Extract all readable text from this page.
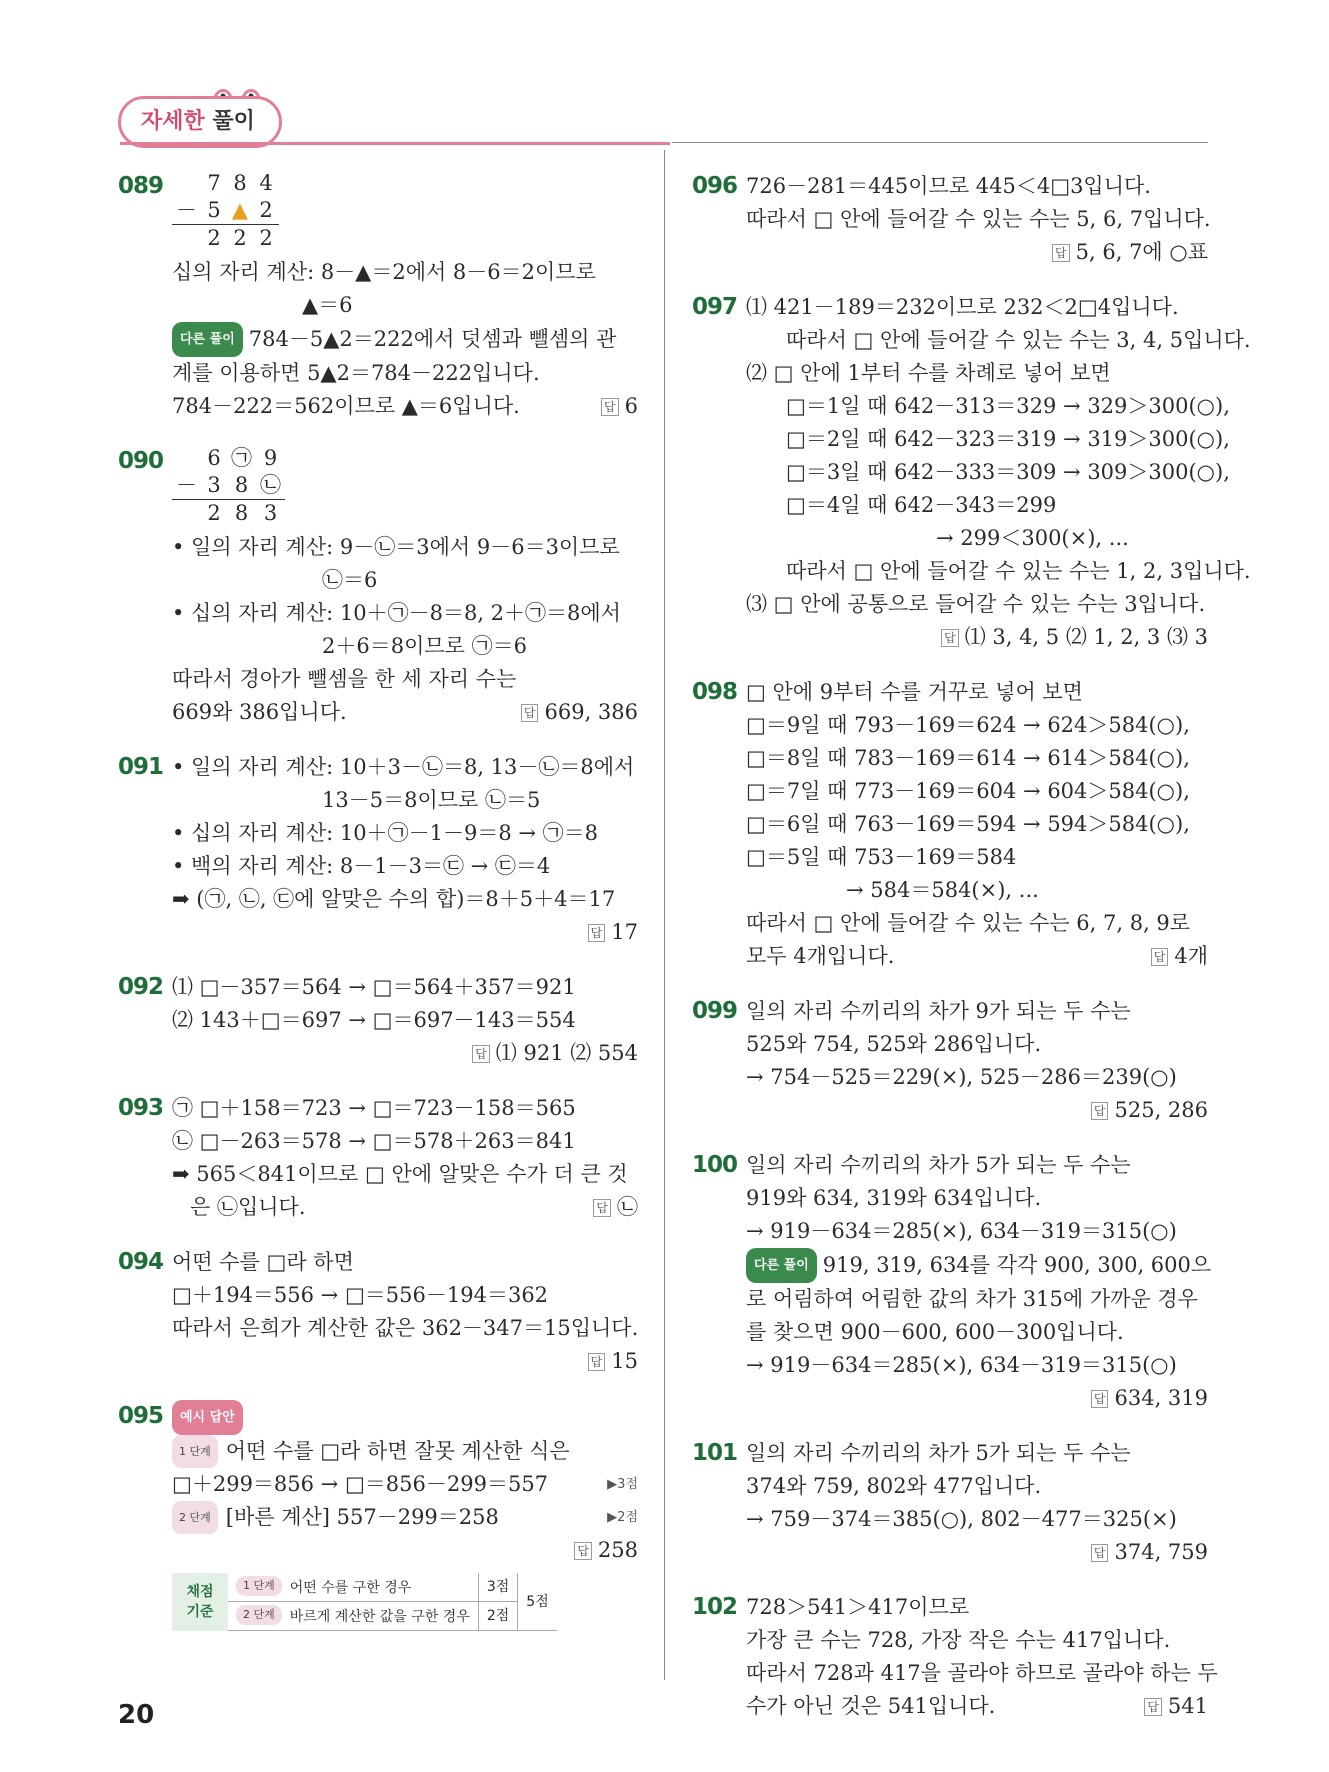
자세한 풀이
089
	7	8	4
－	5	▲	2
	2	2	2
십의 자리 계산: 8－▲＝2에서 8－6＝2이므로
▲＝6
다른 풀이 784－5▲2＝222에서 덧셈과 뺄셈의 관
계를 이용하면 5▲2＝784－222입니다.
784－222＝562이므로 ▲＝6입니다.	답 6
090
	6	㉠	9
－	3	8	㉡
	2	8	3
• 일의 자리 계산: 9－㉡＝3에서 9－6＝3이므로
㉡＝6
• 십의 자리 계산: 10＋㉠－8＝8, 2＋㉠＝8에서
2＋6＝8이므로 ㉠＝6
따라서 경아가 뺄셈을 한 세 자리 수는
669와 386입니다.	답 669, 386
091 • 일의 자리 계산: 10＋3－㉡＝8, 13－㉡＝8에서
13－5＝8이므로 ㉡＝5
• 십의 자리 계산: 10＋㉠－1－9＝8 → ㉠＝8
• 백의 자리 계산: 8－1－3＝㉢ → ㉢＝4
➡ (㉠, ㉡, ㉢에 알맞은 수의 합)＝8＋5＋4＝17
답 17
092 ⑴ □－357＝564 → □＝564＋357＝921
⑵ 143＋□＝697 → □＝697－143＝554
답 ⑴ 921 ⑵ 554
093 ㉠ □＋158＝723 → □＝723－158＝565
㉡ □－263＝578 → □＝578＋263＝841
➡ 565＜841이므로 □ 안에 알맞은 수가 더 큰 것
은 ㉡입니다.	답 ㉡
094 어떤 수를 □라 하면
□＋194＝556 → □＝556－194＝362
따라서 은희가 계산한 값은 362－347＝15입니다.
답 15
095	예시 답안
1 단계 어떤 수를 □라 하면 잘못 계산한 식은
□＋299＝856 → □＝856－299＝557	▶3점
2 단계 [바른 계산] 557－299＝258	▶2점
답 258
채점 기준	1 단계 어떤 수를 구한 경우	3점	5점
	2 단계 바르게 계산한 값을 구한 경우	2점	
096 726－281＝445이므로 445＜4□3입니다.
따라서 □ 안에 들어갈 수 있는 수는 5, 6, 7입니다.
답 5, 6, 7에 ○표
097 ⑴ 421－189＝232이므로 232＜2□4입니다.
따라서 □ 안에 들어갈 수 있는 수는 3, 4, 5입니다.
⑵ □ 안에 1부터 수를 차례로 넣어 보면
□＝1일 때 642－313＝329 → 329＞300(○),
□＝2일 때 642－323＝319 → 319＞300(○),
□＝3일 때 642－333＝309 → 309＞300(○),
□＝4일 때 642－343＝299
→ 299＜300(×), ...
따라서 □ 안에 들어갈 수 있는 수는 1, 2, 3입니다.
⑶ □ 안에 공통으로 들어갈 수 있는 수는 3입니다.
답 ⑴ 3, 4, 5 ⑵ 1, 2, 3 ⑶ 3
098 □ 안에 9부터 수를 거꾸로 넣어 보면
□＝9일 때 793－169＝624 → 624＞584(○),
□＝8일 때 783－169＝614 → 614＞584(○),
□＝7일 때 773－169＝604 → 604＞584(○),
□＝6일 때 763－169＝594 → 594＞584(○),
□＝5일 때 753－169＝584
→ 584＝584(×), ...
따라서 □ 안에 들어갈 수 있는 수는 6, 7, 8, 9로
모두 4개입니다.	답 4개
099 일의 자리 수끼리의 차가 9가 되는 두 수는
525와 754, 525와 286입니다.
→ 754－525＝229(×), 525－286＝239(○)
답 525, 286
100 일의 자리 수끼리의 차가 5가 되는 두 수는
919와 634, 319와 634입니다.
→ 919－634＝285(×), 634－319＝315(○)
다른 풀이 919, 319, 634를 각각 900, 300, 600으
로 어림하여 어림한 값의 차가 315에 가까운 경우
를 찾으면 900－600, 600－300입니다.
→ 919－634＝285(×), 634－319＝315(○)
답 634, 319
101 일의 자리 수끼리의 차가 5가 되는 두 수는
374와 759, 802와 477입니다.
→ 759－374＝385(○), 802－477＝325(×)
답 374, 759
102 728＞541＞417이므로
가장 큰 수는 728, 가장 작은 수는 417입니다.
따라서 728과 417을 골라야 하므로 골라야 하는 두
수가 아닌 것은 541입니다.	답 541
20
